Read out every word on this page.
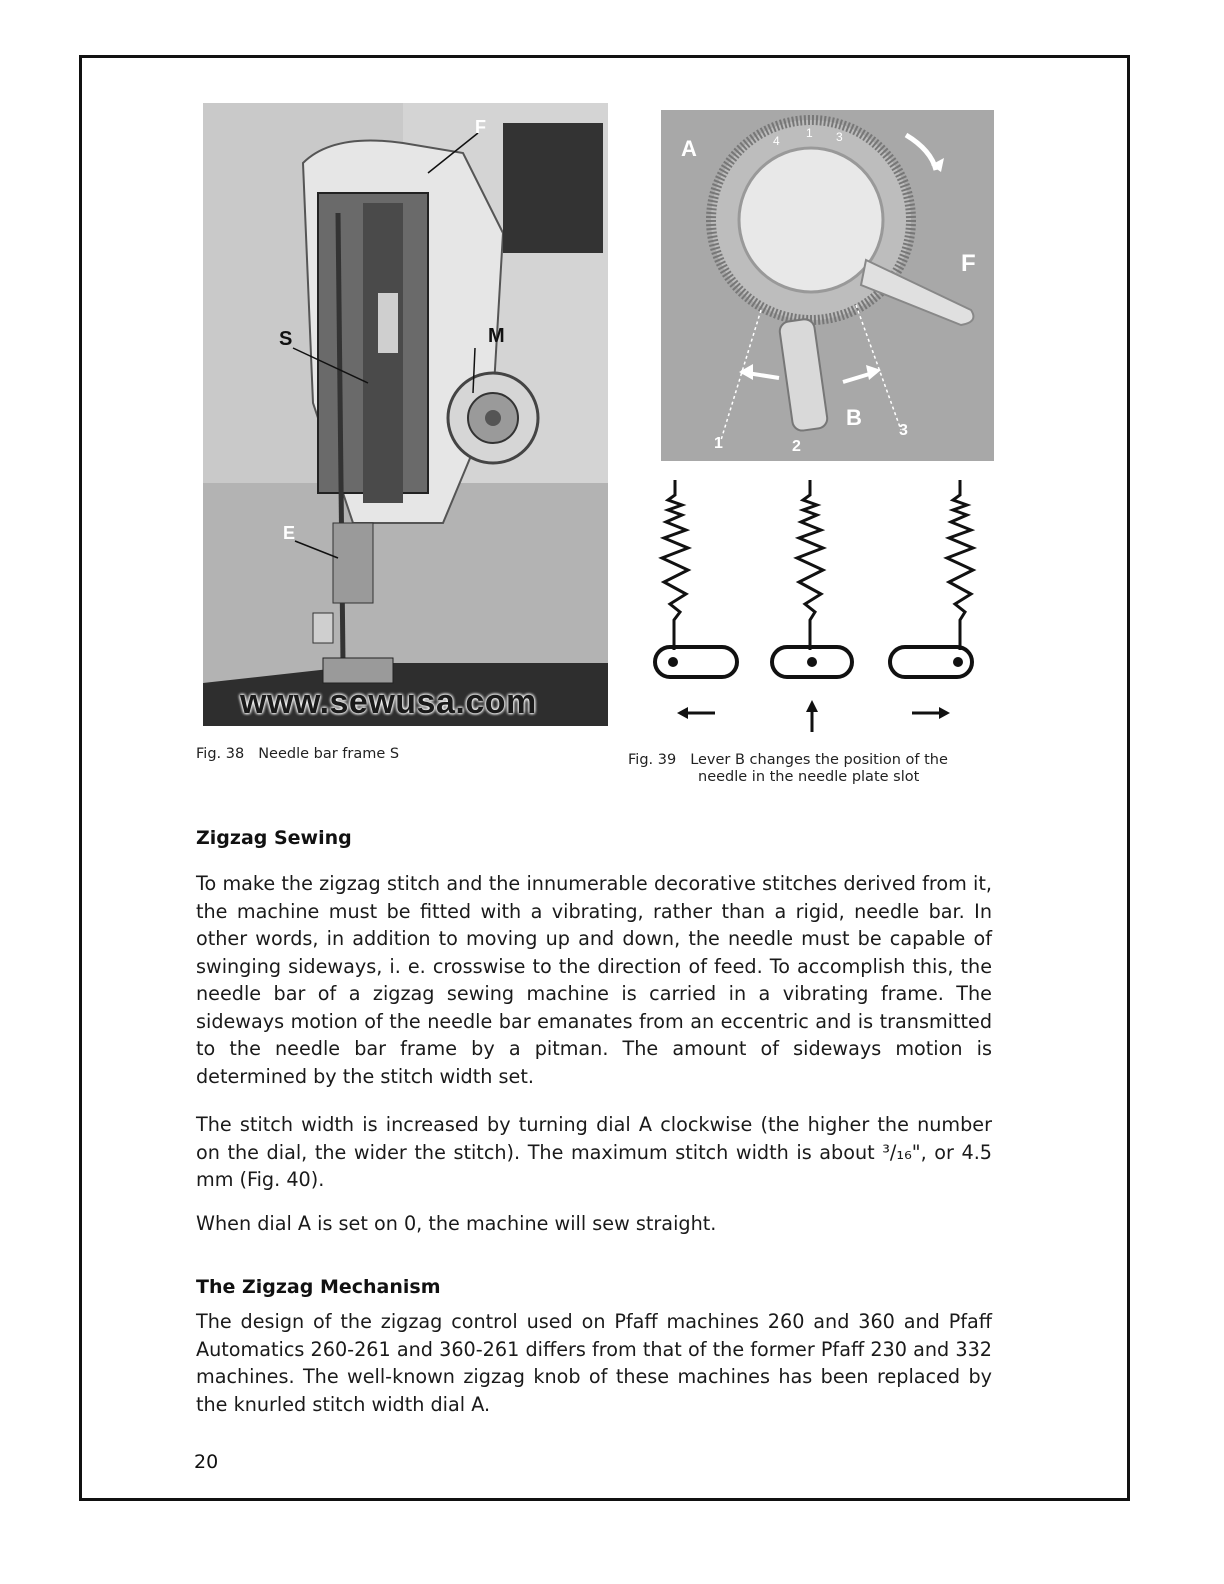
F
S	M
E
www.sewusa.com
A	4
1 3
F
B
1	2
3
Fig. 38 Needle bar frame S	Fig. 39 Lever B changes the position of the
needle in the needle plate slot
Zigzag Sewing

To make the zigzag stitch and the innumerable decorative stitches derived from it, the machine must be fitted with a vibrating, rather than a rigid, needle bar. In other words, in addition to moving up and down, the needle must be capable of swinging sideways, i. e. crosswise to the direction of feed. To accomplish this, the needle bar of a zigzag sewing machine is carried in a vibrating frame. The sideways motion of the needle bar emanates from an eccentric and is transmitted to the needle bar frame by a pitman. The amount of sideways motion is determined by the stitch width set.

The stitch width is increased by turning dial A clockwise (the higher the number on the dial, the wider the stitch). The maximum stitch width is about ³/₁₆", or 4.5 mm (Fig. 40).

When dial A is set on 0, the machine will sew straight.

The Zigzag Mechanism

The design of the zigzag control used on Pfaff machines 260 and 360 and Pfaff Automatics 260-261 and 360-261 differs from that of the former Pfaff 230 and 332 machines. The well-known zigzag knob of these machines has been replaced by the knurled stitch width dial A.

20
